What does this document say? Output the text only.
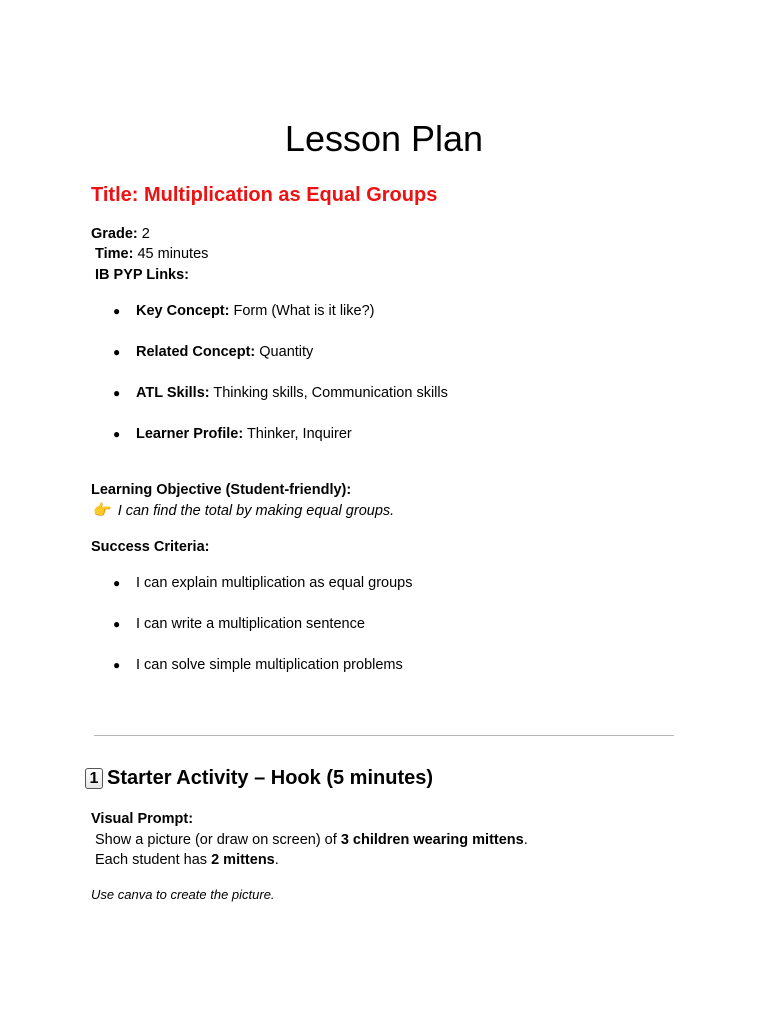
Lesson Plan
Title: Multiplication as Equal Groups
Grade: 2
Time: 45 minutes
IB PYP Links:
● Key Concept: Form (What is it like?)
● Related Concept: Quantity
● ATL Skills: Thinking skills, Communication skills
● Learner Profile: Thinker, Inquirer
Learning Objective (Student-friendly):
👉 I can find the total by making equal groups.
Success Criteria:
● I can explain multiplication as equal groups
● I can write a multiplication sentence
● I can solve simple multiplication problems
1 Starter Activity – Hook (5 minutes)
Visual Prompt:
Show a picture (or draw on screen) of 3 children wearing mittens.
Each student has 2 mittens.
Use canva to create the picture.
